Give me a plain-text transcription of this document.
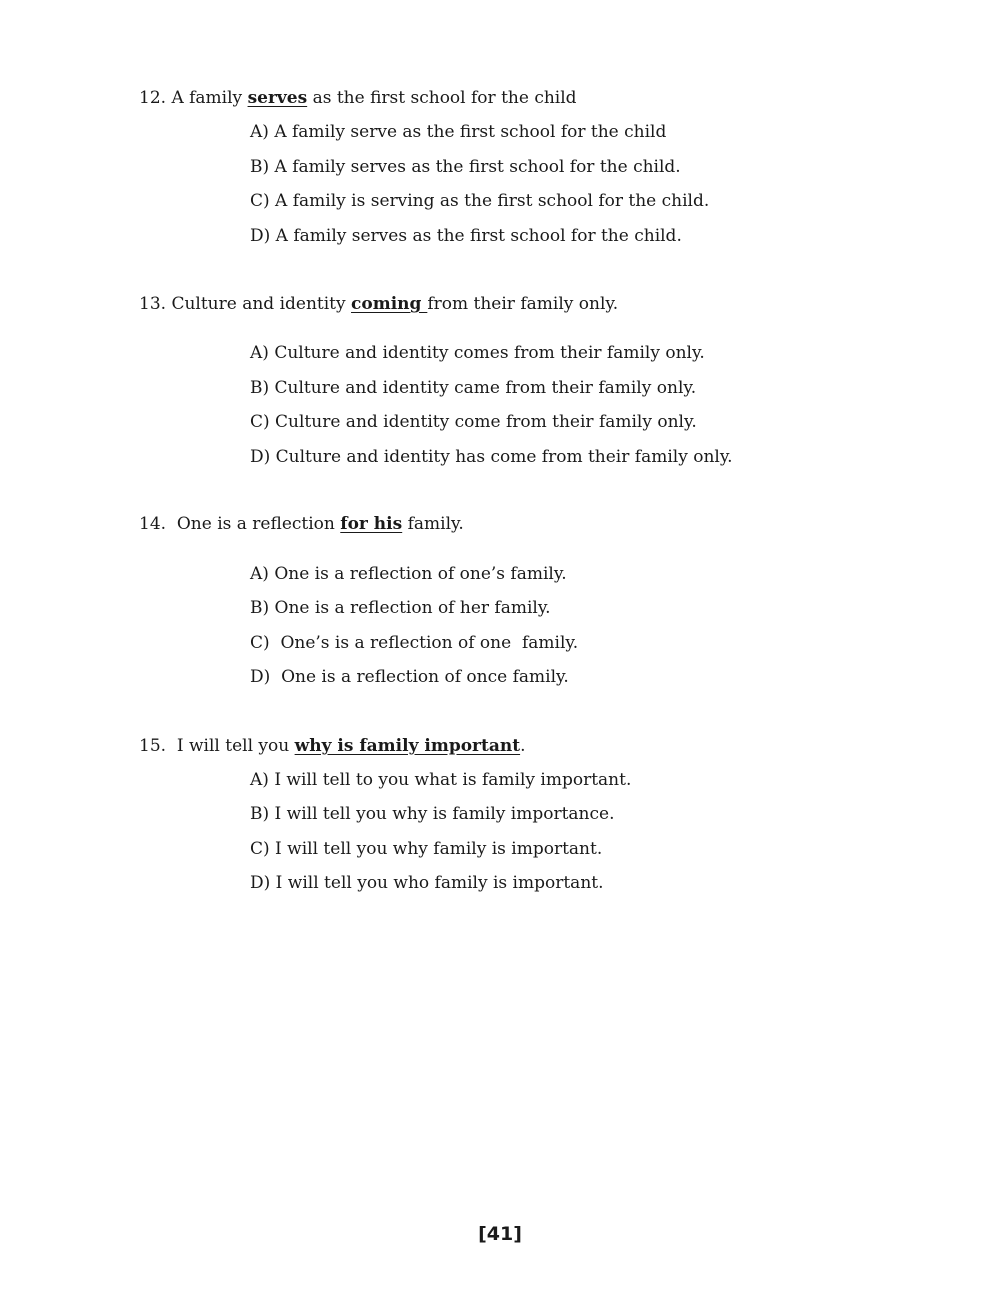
12. A family serves as the first school for the child
A) A family serve as the first school for the child
B) A family serves as the first school for the child.
C) A family is serving as the first school for the child.
D) A family serves as the first school for the child.
13. Culture and identity coming from their family only.
A) Culture and identity comes from their family only.
B) Culture and identity came from their family only.
C) Culture and identity come from their family only.
D) Culture and identity has come from their family only.
14.  One is a reflection for his family.
A) One is a reflection of one’s family.
B) One is a reflection of her family.
C)  One’s is a reflection of one  family.
D)  One is a reflection of once family.
15.  I will tell you why is family important.
A) I will tell to you what is family important.
B) I will tell you why is family importance.
C) I will tell you why family is important.
D) I will tell you who family is important.
[41]
